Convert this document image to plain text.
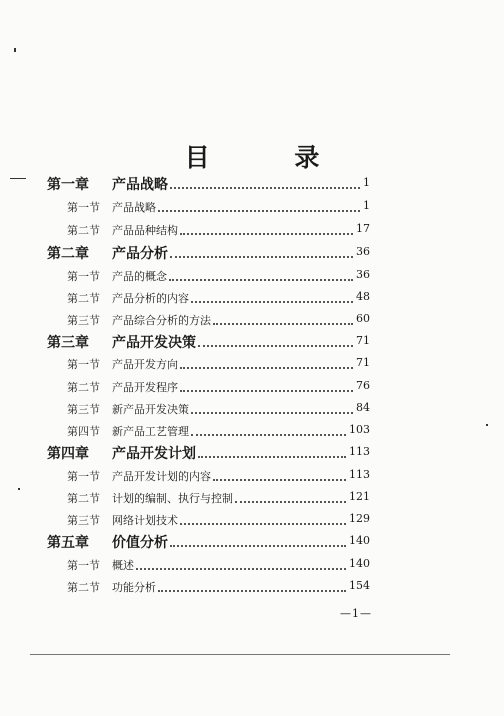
目 录
第一章 产品战略	1
第一节 产品战略	1
第二节 产品品种结构	17
第二章 产品分析	36
第一节 产品的概念	36
第二节 产品分析的内容	48
第三节 产品综合分析的方法	60
第三章 产品开发决策	71
第一节 产品开发方向	71
第二节 产品开发程序	76
第三节 新产品开发决策	84
第四节 新产品工艺管理	103
第四章 产品开发计划	113
第一节 产品开发计划的内容	113
第二节 计划的编制、执行与控制	121
第三节 网络计划技术	129
第五章 价值分析	140
第一节 概述	140
第二节 功能分析	154
—1—
